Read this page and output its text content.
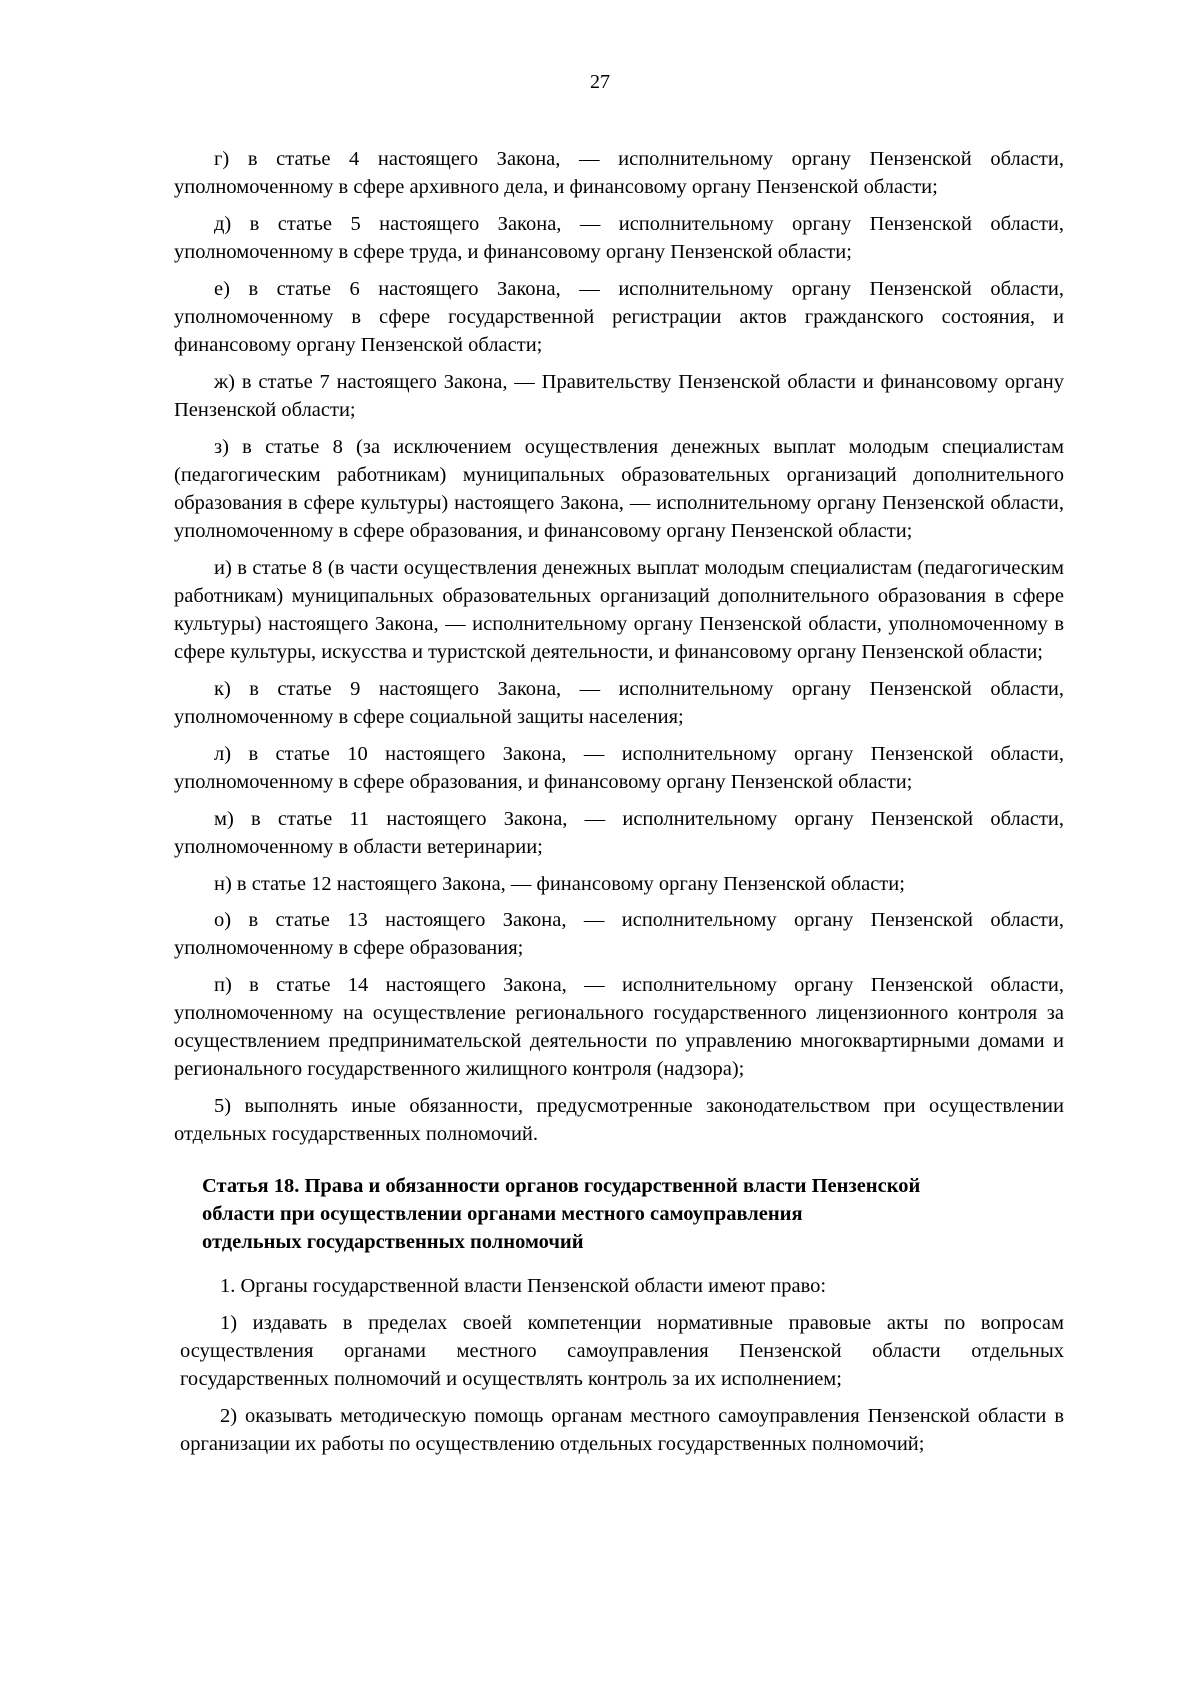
27

г) в статье 4 настоящего Закона, — исполнительному органу Пензенской области, уполномоченному в сфере архивного дела, и финансовому органу Пензенской области;

д) в статье 5 настоящего Закона, — исполнительному органу Пензенской области, уполномоченному в сфере труда, и финансовому органу Пензенской области;

е) в статье 6 настоящего Закона, — исполнительному органу Пензенской области, уполномоченному в сфере государственной регистрации актов гражданского состояния, и финансовому органу Пензенской области;

ж) в статье 7 настоящего Закона, — Правительству Пензенской области и финансовому органу Пензенской области;

з) в статье 8 (за исключением осуществления денежных выплат молодым специалистам (педагогическим работникам) муниципальных образовательных организаций дополнительного образования в сфере культуры) настоящего Закона, — исполнительному органу Пензенской области, уполномоченному в сфере образования, и финансовому органу Пензенской области;

и) в статье 8 (в части осуществления денежных выплат молодым специалистам (педагогическим работникам) муниципальных образовательных организаций дополнительного образования в сфере культуры) настоящего Закона, — исполнительному органу Пензенской области, уполномоченному в сфере культуры, искусства и туристской деятельности, и финансовому органу Пензенской области;

к) в статье 9 настоящего Закона, — исполнительному органу Пензенской области, уполномоченному в сфере социальной защиты населения;

л) в статье 10 настоящего Закона, — исполнительному органу Пензенской области, уполномоченному в сфере образования, и финансовому органу Пензенской области;

м) в статье 11 настоящего Закона, — исполнительному органу Пензенской области, уполномоченному в области ветеринарии;

н) в статье 12 настоящего Закона, — финансовому органу Пензенской области;

о) в статье 13 настоящего Закона, — исполнительному органу Пензенской области, уполномоченному в сфере образования;

п) в статье 14 настоящего Закона, — исполнительному органу Пензенской области, уполномоченному на осуществление регионального государственного лицензионного контроля за осуществлением предпринимательской деятельности по управлению многоквартирными домами и регионального государственного жилищного контроля (надзора);

5) выполнять иные обязанности, предусмотренные законодательством при осуществлении отдельных государственных полномочий.

Статья 18. Права и обязанности органов государственной власти Пензенской
области при осуществлении органами местного самоуправления
отдельных государственных полномочий

1. Органы государственной власти Пензенской области имеют право:

1) издавать в пределах своей компетенции нормативные правовые акты по вопросам осуществления органами местного самоуправления Пензенской области отдельных государственных полномочий и осуществлять контроль за их исполнением;

2) оказывать методическую помощь органам местного самоуправления Пензенской области в организации их работы по осуществлению отдельных государственных полномочий;
